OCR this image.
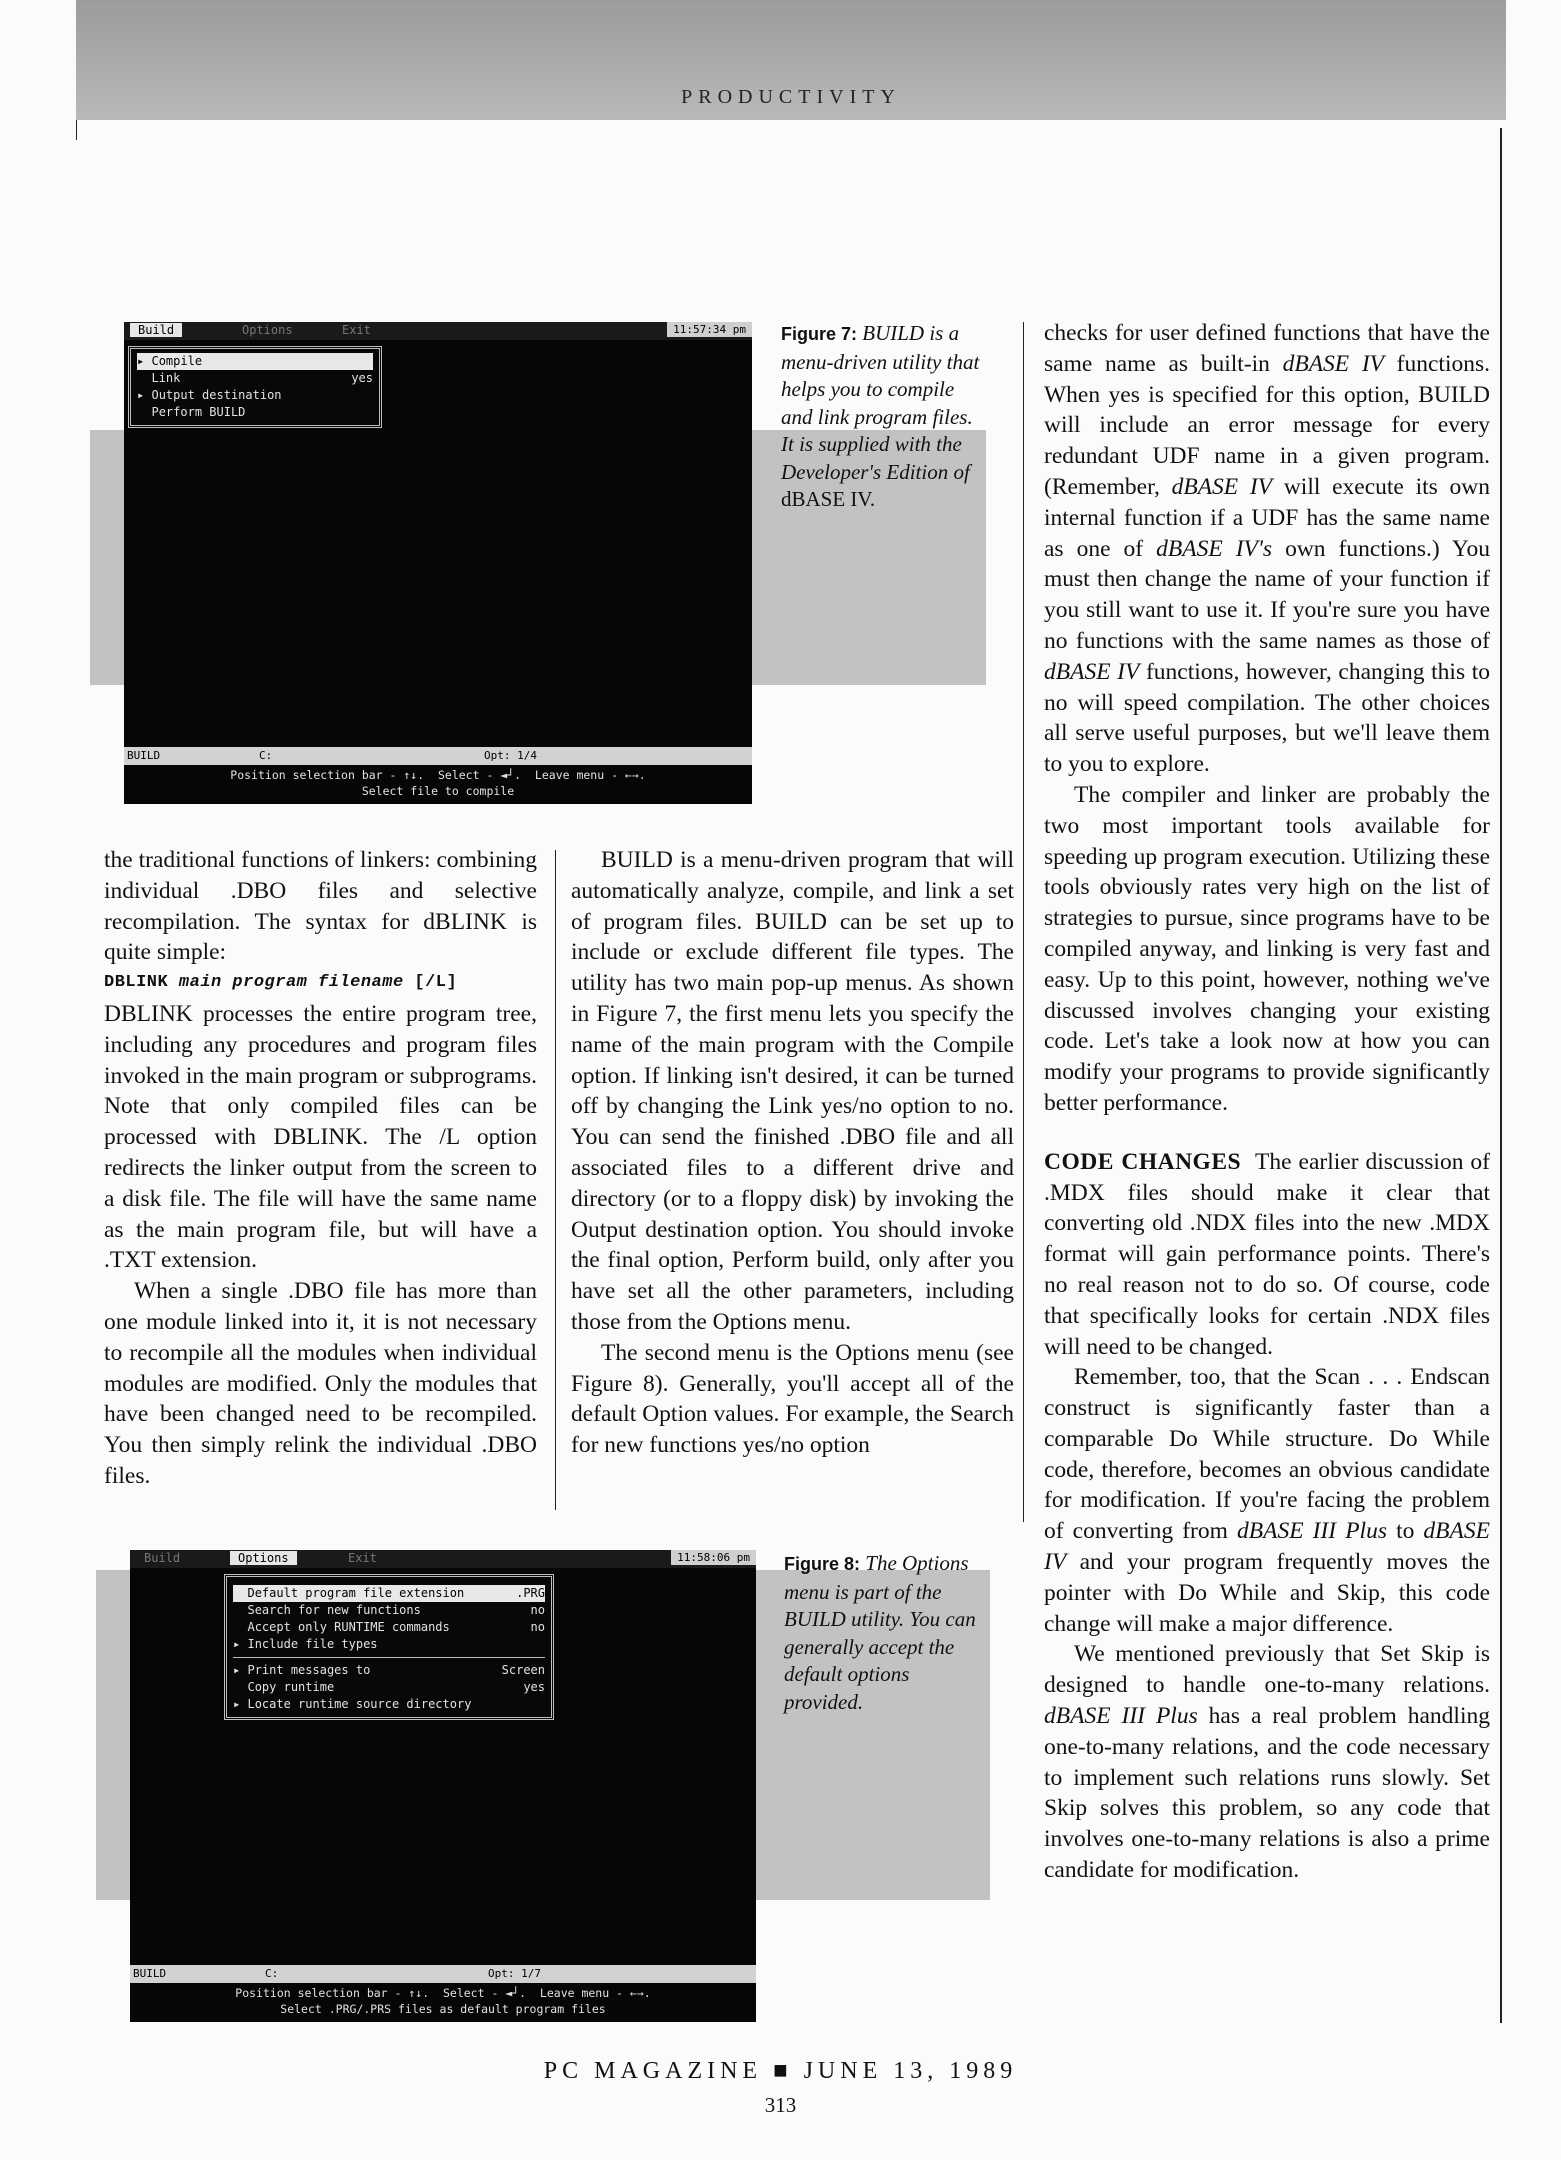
PRODUCTIVITY
Build	Options	Exit	11:57:34 pm
▸ Compile
Link	yes
▸ Output destination
Perform BUILD
BUILD	C:	Opt: 1/4
Position selection bar - ↑↓.  Select - ◄┘.  Leave menu - ←→.
Select file to compile
Figure 7: BUILD is a menu-driven utility that helps you to compile and link program files. It is supplied with the Developer's Edition of dBASE IV.
Build	Options	Exit	11:58:06 pm
Default program file extension	.PRG
Search for new functions	no
Accept only RUNTIME commands	no
▸ Include file types
▸ Print messages to	Screen
Copy runtime	yes
▸ Locate runtime source directory
BUILD	C:	Opt: 1/7
Position selection bar - ↑↓.  Select - ◄┘.  Leave menu - ←→.
Select .PRG/.PRS files as default program files
Figure 8: The Options menu is part of the BUILD utility. You can generally accept the default options provided.

the traditional functions of linkers: combining individual .DBO files and selective recompilation. The syntax for dBLINK is quite simple:

DBLINK main program filename [/L]

DBLINK processes the entire program tree, including any procedures and program files invoked in the main program or subprograms. Note that only compiled files can be processed with DBLINK. The /L option redirects the linker output from the screen to a disk file. The file will have the same name as the main program file, but will have a .TXT extension.

When a single .DBO file has more than one module linked into it, it is not necessary to recompile all the modules when individual modules are modified. Only the modules that have been changed need to be recompiled. You then simply relink the individual .DBO files.

BUILD is a menu-driven program that will automatically analyze, compile, and link a set of program files. BUILD can be set up to include or exclude different file types. The utility has two main pop-up menus. As shown in Figure 7, the first menu lets you specify the name of the main program with the Compile option. If linking isn't desired, it can be turned off by changing the Link yes/no option to no. You can send the finished .DBO file and all associated files to a different drive and directory (or to a floppy disk) by invoking the Output destination option. You should invoke the final option, Perform build, only after you have set all the other parameters, including those from the Options menu.

The second menu is the Options menu (see Figure 8). Generally, you'll accept all of the default Option values. For example, the Search for new functions yes/no option

checks for user defined functions that have the same name as built-in dBASE IV functions. When yes is specified for this option, BUILD will include an error message for every redundant UDF name in a given program. (Remember, dBASE IV will execute its own internal function if a UDF has the same name as one of dBASE IV's own functions.) You must then change the name of your function if you still want to use it. If you're sure you have no functions with the same names as those of dBASE IV functions, however, changing this to no will speed compilation. The other choices all serve useful purposes, but we'll leave them to you to explore.

The compiler and linker are probably the two most important tools available for speeding up program execution. Utilizing these tools obviously rates very high on the list of strategies to pursue, since programs have to be compiled anyway, and linking is very fast and easy. Up to this point, however, nothing we've discussed involves changing your existing code. Let's take a look now at how you can modify your programs to provide significantly better performance.

CODE CHANGES The earlier discussion of .MDX files should make it clear that converting old .NDX files into the new .MDX format will gain performance points. There's no real reason not to do so. Of course, code that specifically looks for certain .NDX files will need to be changed.

Remember, too, that the Scan . . . Endscan construct is significantly faster than a comparable Do While structure. Do While code, therefore, becomes an obvious candidate for modification. If you're facing the problem of converting from dBASE III Plus to dBASE IV and your program frequently moves the pointer with Do While and Skip, this code change will make a major difference.

We mentioned previously that Set Skip is designed to handle one-to-many relations. dBASE III Plus has a real problem handling one-to-many relations, and the code necessary to implement such relations runs slowly. Set Skip solves this problem, so any code that involves one-to-many relations is also a prime candidate for modification.

PC MAGAZINE ■ JUNE 13, 1989
313
